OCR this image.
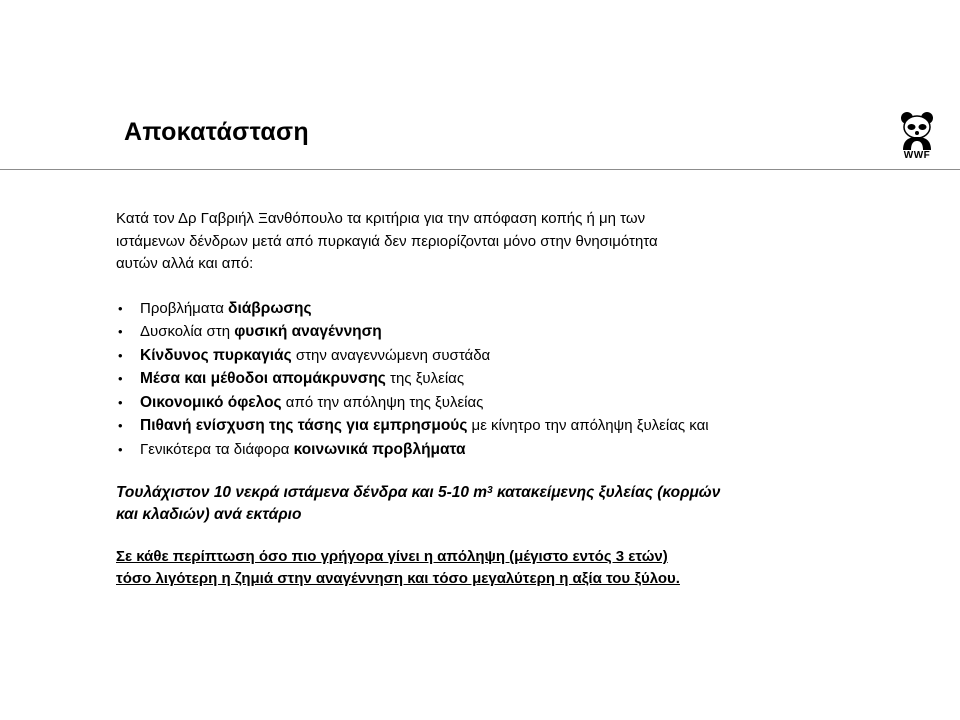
Αποκατάσταση
WWF

Κατά τον Δρ Γαβριήλ Ξανθόπουλο τα κριτήρια για την απόφαση κοπής ή μη των
ιστάμενων δένδρων μετά από πυρκαγιά δεν περιορίζονται μόνο στην θνησιμότητα
αυτών αλλά και από:

• Προβλήματα διάβρωσης
• Δυσκολία στη φυσική αναγέννηση
• Κίνδυνος πυρκαγιάς στην αναγεννώμενη συστάδα
• Μέσα και μέθοδοι απομάκρυνσης της ξυλείας
• Οικονομικό όφελος από την απόληψη της ξυλείας
• Πιθανή ενίσχυση της τάσης για εμπρησμούς με κίνητρο την απόληψη ξυλείας και
• Γενικότερα τα διάφορα κοινωνικά προβλήματα

Τουλάχιστον 10 νεκρά ιστάμενα δένδρα και 5-10 $m^3$ κατακείμενης ξυλείας (κορμών
και κλαδιών) ανά εκτάριο

Σε κάθε περίπτωση όσο πιο γρήγορα γίνει η απόληψη (μέγιστο εντός 3 ετών)
τόσο λιγότερη η ζημιά στην αναγέννηση και τόσο μεγαλύτερη η αξία του ξύλου.
